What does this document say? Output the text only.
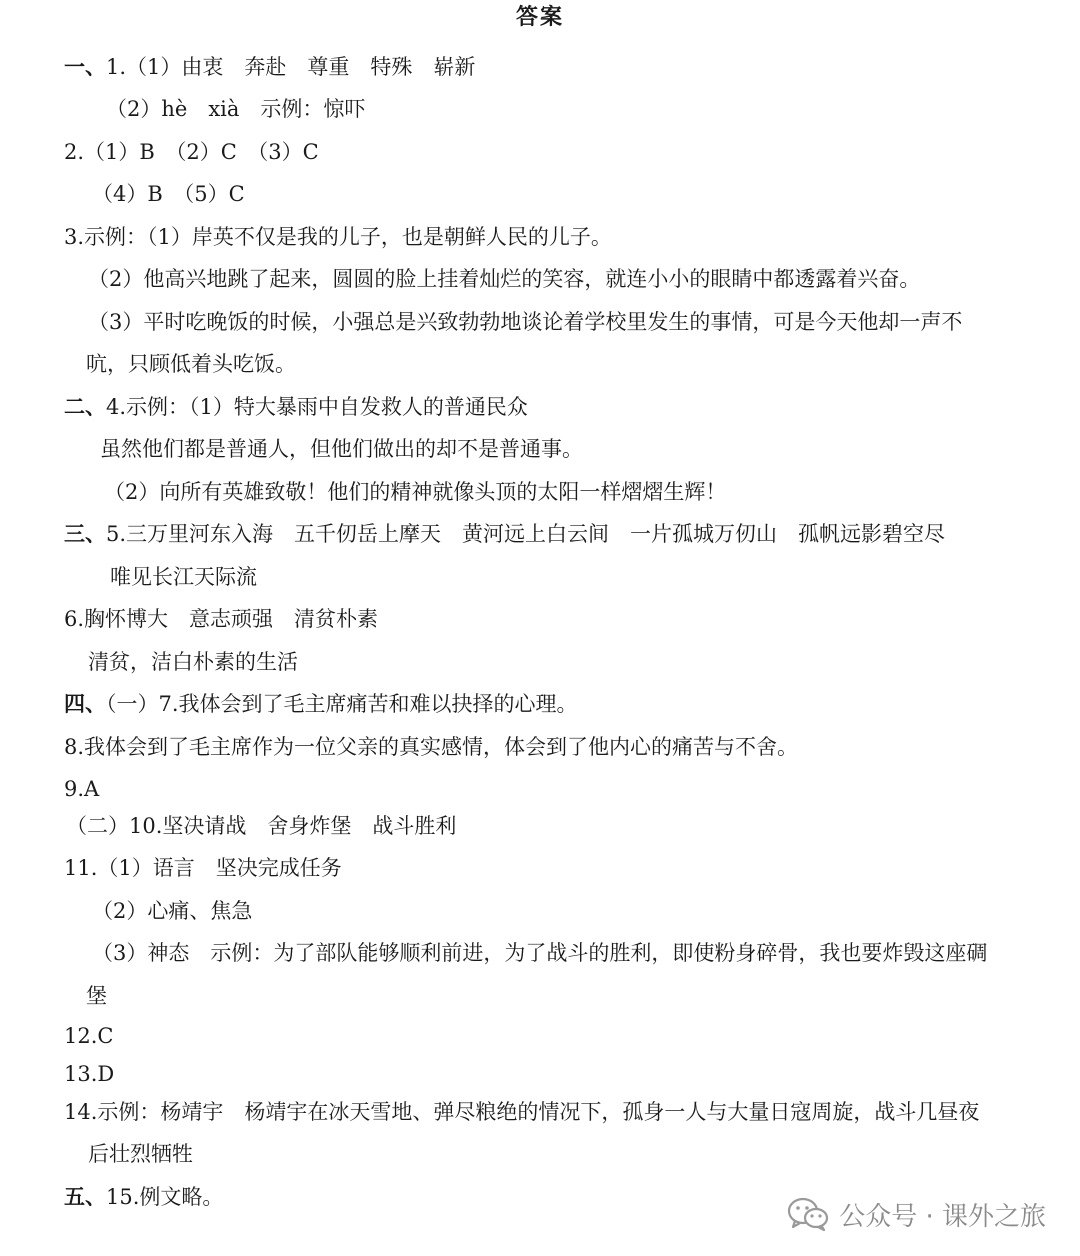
答案
一、1.（1）由衷　奔赴　尊重　特殊　崭新
（2）hè　xià　示例：惊吓
2.（1）B　（2）C　（3）C
（4）B　（5）C
3.示例：（1）岸英不仅是我的儿子，也是朝鲜人民的儿子。
（2）他高兴地跳了起来，圆圆的脸上挂着灿烂的笑容，就连小小的眼睛中都透露着兴奋。
（3）平时吃晚饭的时候，小强总是兴致勃勃地谈论着学校里发生的事情，可是今天他却一声不
吭，只顾低着头吃饭。
二、4.示例：（1）特大暴雨中自发救人的普通民众
虽然他们都是普通人，但他们做出的却不是普通事。
（2）向所有英雄致敬！他们的精神就像头顶的太阳一样熠熠生辉！
三、5.三万里河东入海　五千仞岳上摩天　黄河远上白云间　一片孤城万仞山　孤帆远影碧空尽
唯见长江天际流
6.胸怀博大　意志顽强　清贫朴素
清贫，洁白朴素的生活
四、（一）7.我体会到了毛主席痛苦和难以抉择的心理。
8.我体会到了毛主席作为一位父亲的真实感情，体会到了他内心的痛苦与不舍。
9.A
（二）10.坚决请战　舍身炸堡　战斗胜利
11.（1）语言　坚决完成任务
（2）心痛、焦急
（3）神态　示例：为了部队能够顺利前进，为了战斗的胜利，即使粉身碎骨，我也要炸毁这座碉
堡
12.C
13.D
14.示例：杨靖宇　杨靖宇在冰天雪地、弹尽粮绝的情况下，孤身一人与大量日寇周旋，战斗几昼夜
后壮烈牺牲
五、15.例文略。
公众号 · 课外之旅
